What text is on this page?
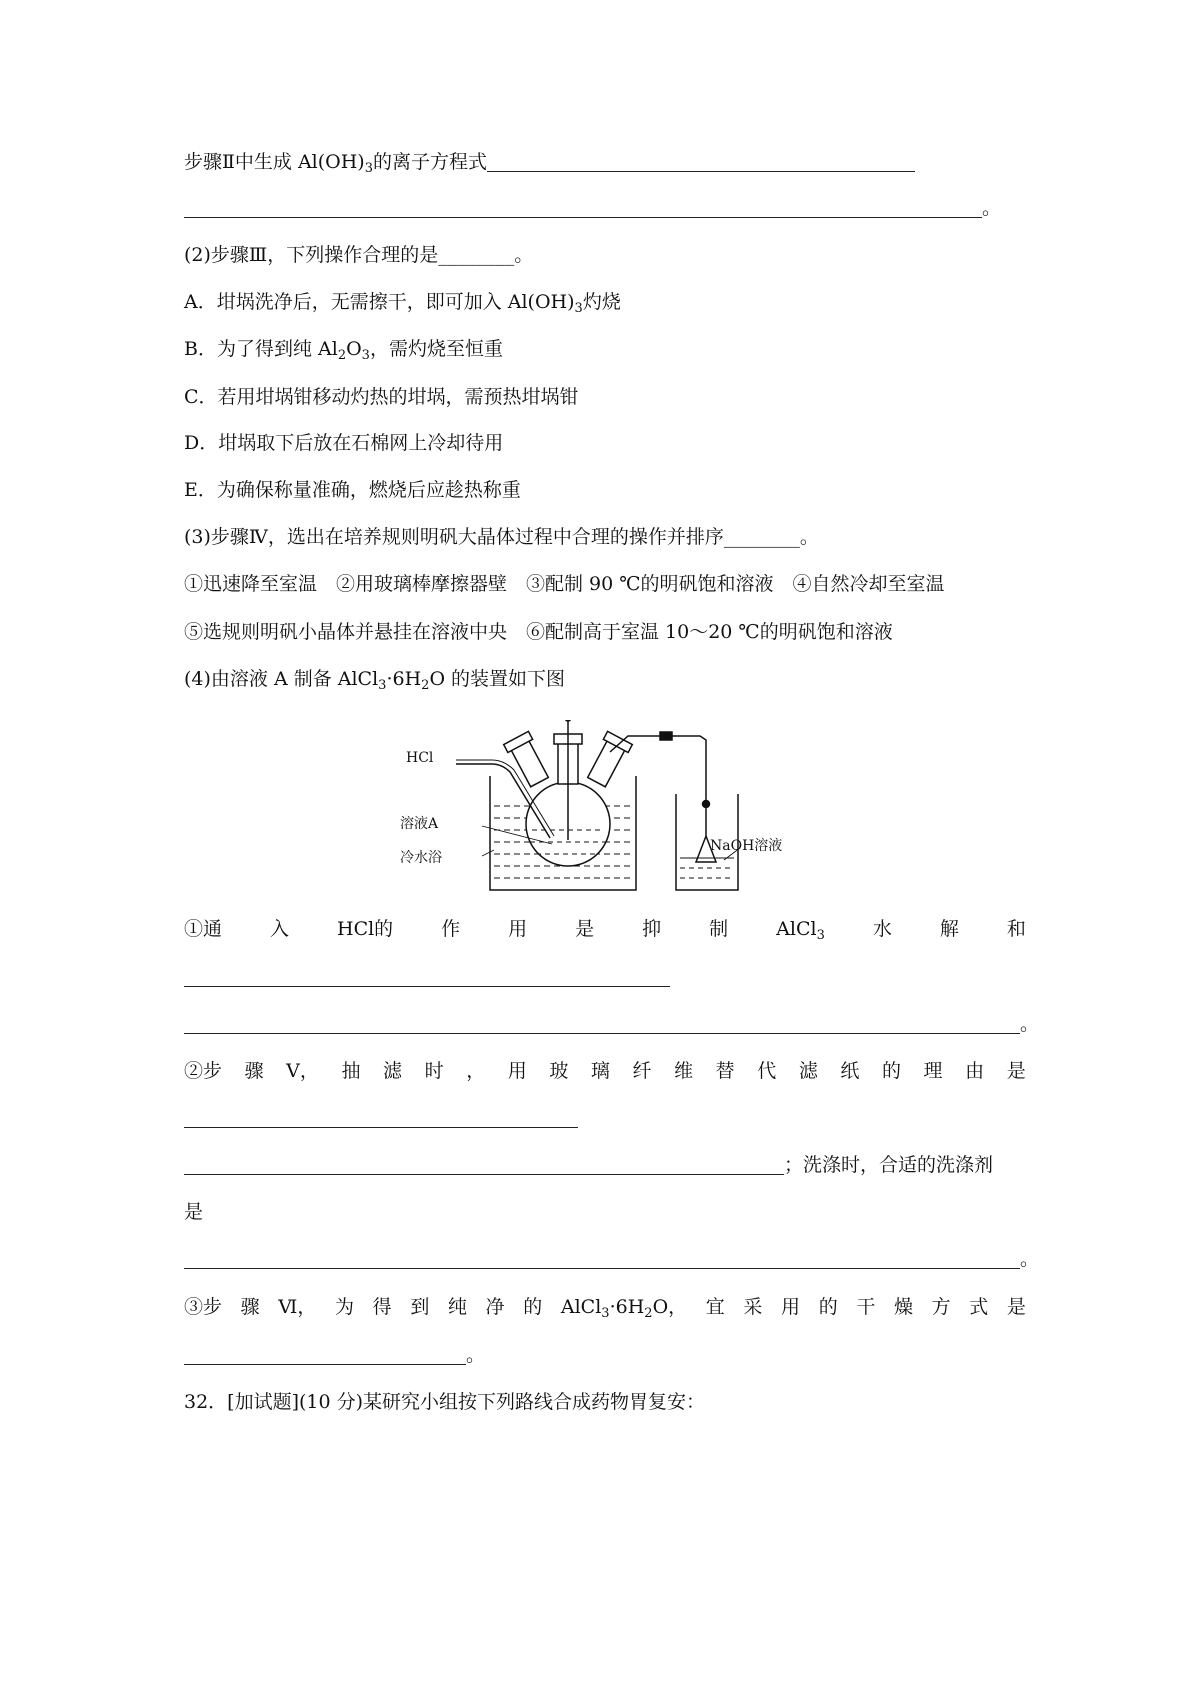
步骤Ⅱ中生成 $Al(OH)_3$的离子方程式
。
(2)步骤Ⅲ，下列操作合理的是________。
A．坩埚洗净后，无需擦干，即可加入 $Al(OH)_3$灼烧
B．为了得到纯 $Al_2O_3$，需灼烧至恒重
C．若用坩埚钳移动灼热的坩埚，需预热坩埚钳
D．坩埚取下后放在石棉网上冷却待用
E．为确保称量准确，燃烧后应趁热称重
(3)步骤Ⅳ，选出在培养规则明矾大晶体过程中合理的操作并排序________。
①迅速降至室温　②用玻璃棒摩擦器壁　③配制 90 ℃的明矾饱和溶液　④自然冷却至室温
⑤选规则明矾小晶体并悬挂在溶液中央　⑥配制高于室温 10～20 ℃的明矾饱和溶液
(4)由溶液 A 制备 $AlCl_3\cdot 6H_2O$ 的装置如下图
HCl
溶液A
冷水浴
NaOH溶液
①通	入	HCl的	作	用	是	抑	制	AlCl$_3$	水	解	和
。
②步 骤 Ⅴ， 抽 滤 时 ， 用 玻 璃 纤 维 替 代 滤 纸 的 理 由 是
；洗涤时，合适的洗涤剂
是
。
③步 骤 Ⅵ， 为 得 到 纯 净 的 $AlCl_3\cdot 6H_2O$， 宜 采 用 的 干 燥 方 式 是
。
32．[加试题](10 分)某研究小组按下列路线合成药物胃复安：
